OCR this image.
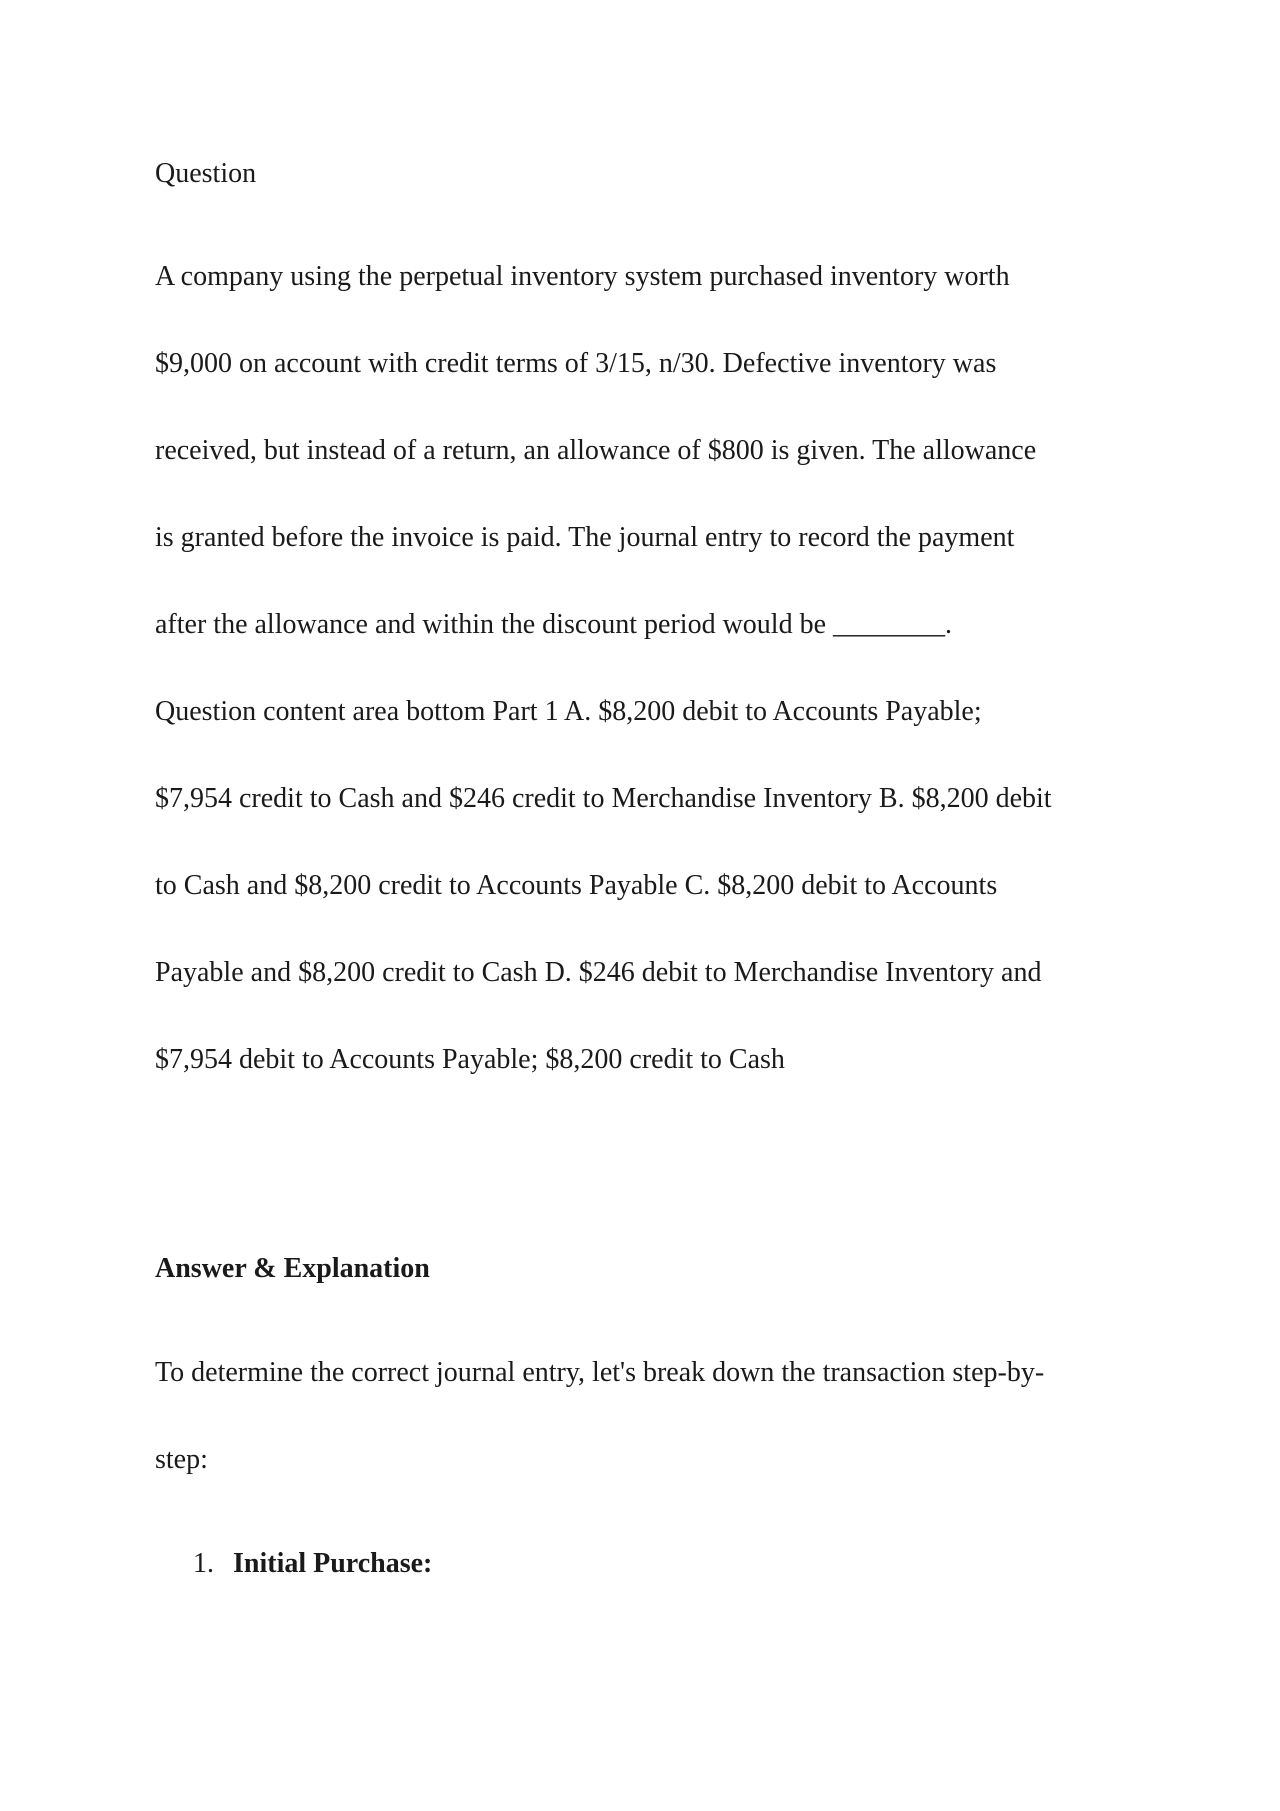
Question

A company using the perpetual inventory system purchased inventory worth

$9,000 on account with credit terms of 3/15, n/30. Defective inventory was

received, but instead of a return, an allowance of $800 is given. The allowance

is granted before the invoice is paid. The journal entry to record the payment

after the allowance and within the discount period would be ________.

Question content area bottom Part 1 A. $8,200 debit to Accounts Payable;

$7,954 credit to Cash and $246 credit to Merchandise Inventory B. $8,200 debit

to Cash and $8,200 credit to Accounts Payable C. $8,200 debit to Accounts

Payable and $8,200 credit to Cash D. $246 debit to Merchandise Inventory and

$7,954 debit to Accounts Payable; $8,200 credit to Cash

Answer & Explanation

To determine the correct journal entry, let's break down the transaction step-by-

step:

1. Initial Purchase:
